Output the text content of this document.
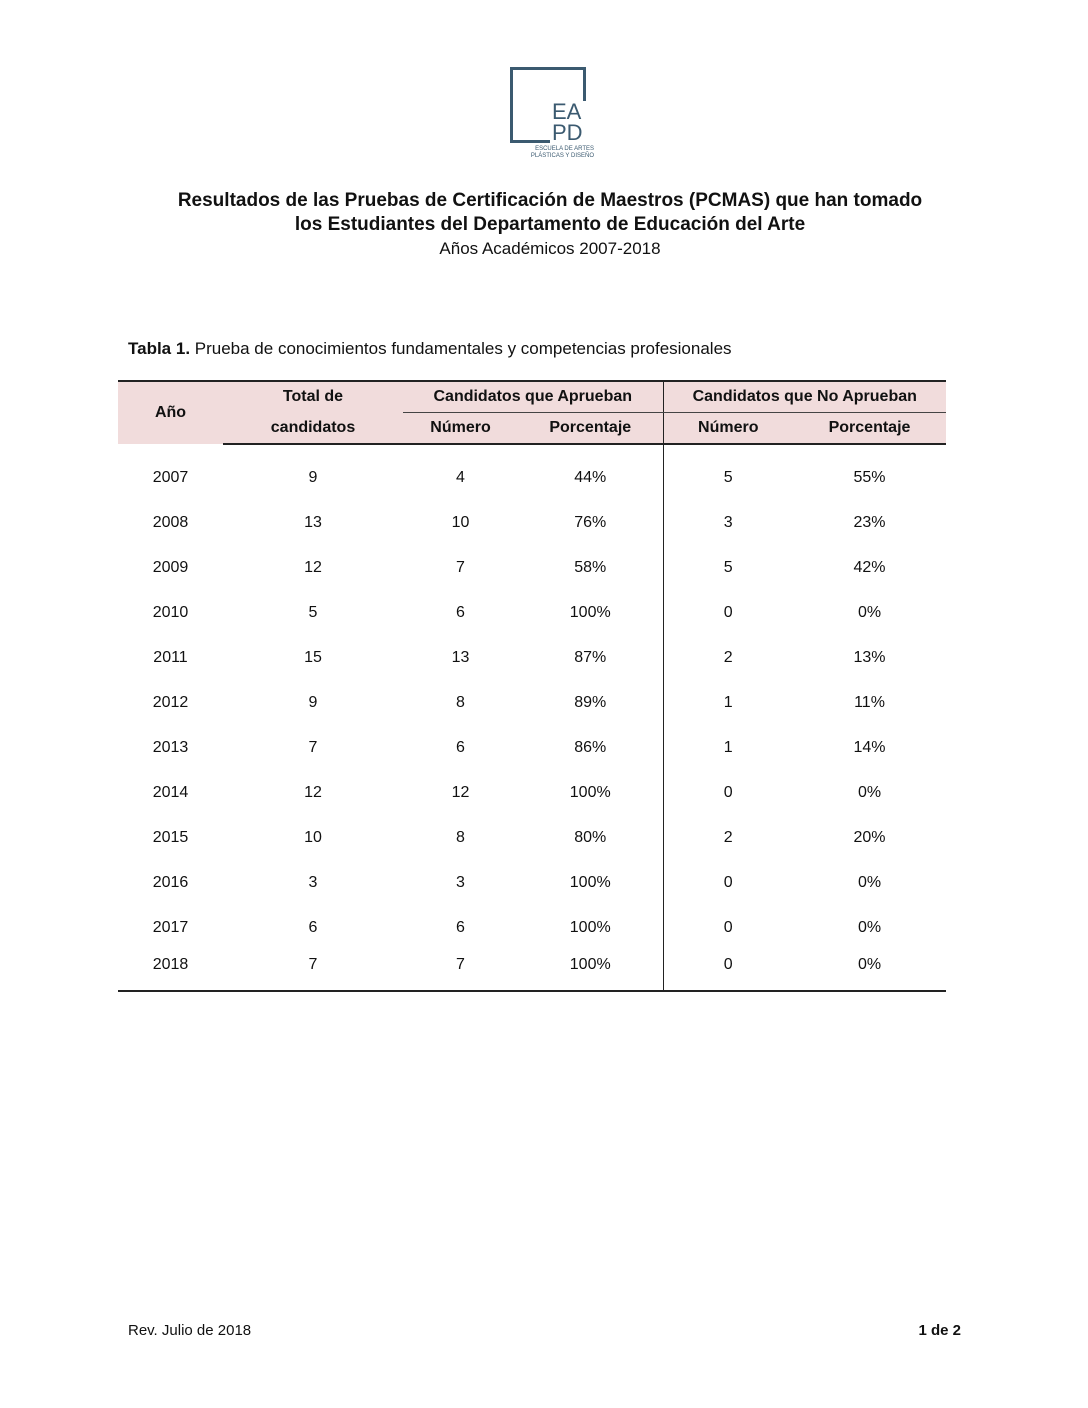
EA
PD
ESCUELA DE ARTES
PLÁSTICAS Y DISEÑO
Resultados de las Pruebas de Certificación de Maestros (PCMAS) que han tomado
los Estudiantes del Departamento de Educación del Arte
Años Académicos 2007-2018
Tabla 1. Prueba de conocimientos fundamentales y competencias profesionales
Año	Total de	Candidatos que Aprueban		Candidatos que No Aprueban	
	candidatos	Número	Porcentaje	Número	Porcentaje

2007	9	4	44%	5	55%
2008	13	10	76%	3	23%
2009	12	7	58%	5	42%
2010	5	6	100%	0	0%
2011	15	13	87%	2	13%
2012	9	8	89%	1	11%
2013	7	6	86%	1	14%
2014	12	12	100%	0	0%
2015	10	8	80%	2	20%
2016	3	3	100%	0	0%
2017	6	6	100%	0	0%
2018	7	7	100%	0	0%
Rev. Julio de 2018	1 de 2
